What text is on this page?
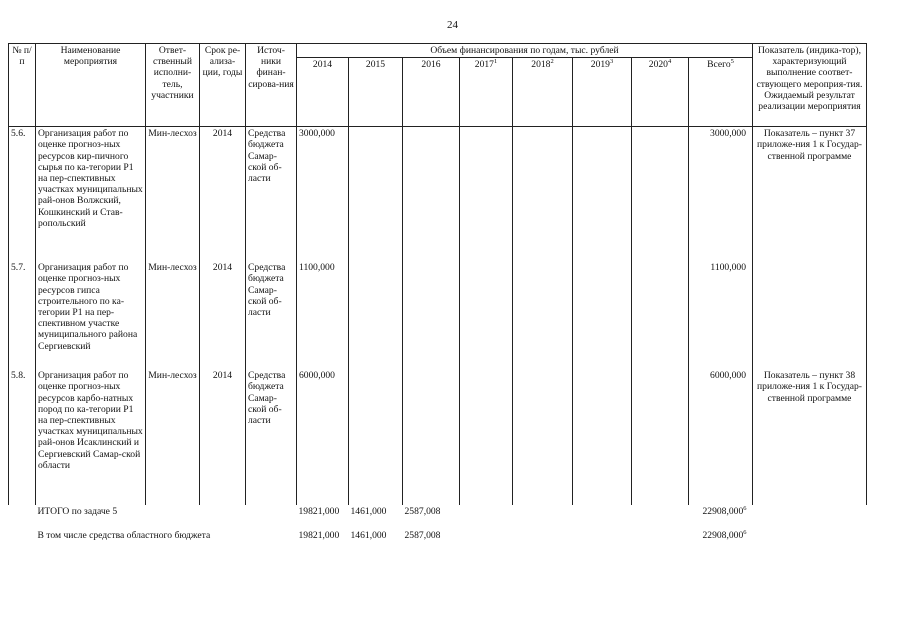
24
№ п/п	Наименование мероприятия	Ответ-ственный исполни-тель, участники	Срок ре-ализа-ции, годы	Источ-ники финан-сирова-ния	Объем финансирования по годам, тыс. рублей								Показатель (индика-тор), характеризующий выполнение соответ-ствующего мероприя-тия. Ожидаемый результат реализации мероприятия
					2014	2015	2016	2017$^1$	2018$^2$	2019$^3$	2020$^4$	Всего$^5$
5.6.	Организация работ по оценке прогноз-ных ресурсов кир-пичного сырья по ка-тегории P1 на пер-спективных участках муниципальных рай-онов Волжский, Кошкинский и Став-ропольский	Мин-лесхоз	2014	Средства бюджета Самар-ской об-ласти	3000,000							3000,000	Показатель – пункт 37 приложе-ния 1 к Государ-ственной программе
5.7.	Организация работ по оценке прогноз-ных ресурсов гипса строительного по ка-тегории P1 на пер-спективном участке муниципального района Сергиевский	Мин-лесхоз	2014	Средства бюджета Самар-ской об-ласти	1100,000							1100,000	
5.8.	Организация работ по оценке прогноз-ных ресурсов карбо-натных пород по ка-тегории P1 на пер-спективных участках муниципальных рай-онов Исаклинский и Сергиевский Самар-ской области	Мин-лесхоз	2014	Средства бюджета Самар-ской об-ласти	6000,000							6000,000	Показатель – пункт 38 приложе-ния 1 к Государ-ственной программе
	ИТОГО по задаче 5				19821,000	1461,000	2587,008					22908,000$^6$	
	В том числе средства областного бюджета				19821,000	1461,000	2587,008					22908,000$^6$	
